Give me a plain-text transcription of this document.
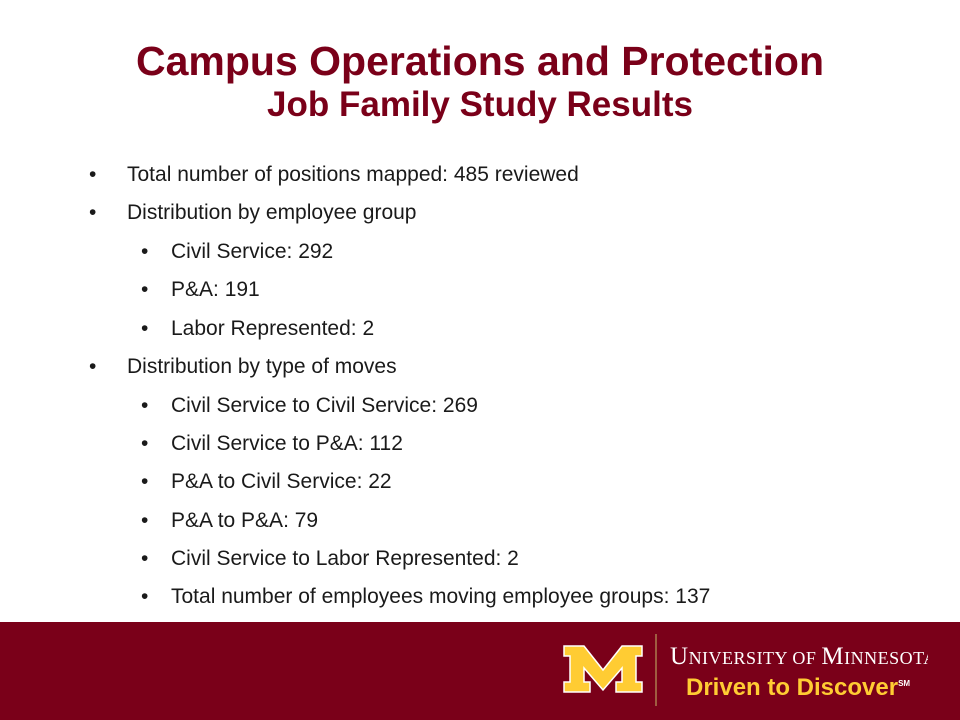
Campus Operations and Protection
Job Family Study Results
• Total number of positions mapped: 485 reviewed
• Distribution by employee group
• Civil Service: 292
• P&A: 191
• Labor Represented: 2
• Distribution by type of moves
• Civil Service to Civil Service: 269
• Civil Service to P&A: 112
• P&A to Civil Service: 22
• P&A to P&A: 79
• Civil Service to Labor Represented: 2
• Total number of employees moving employee groups: 137
UNIVERSITY OF MINNESOTA
Driven to Discover℠
